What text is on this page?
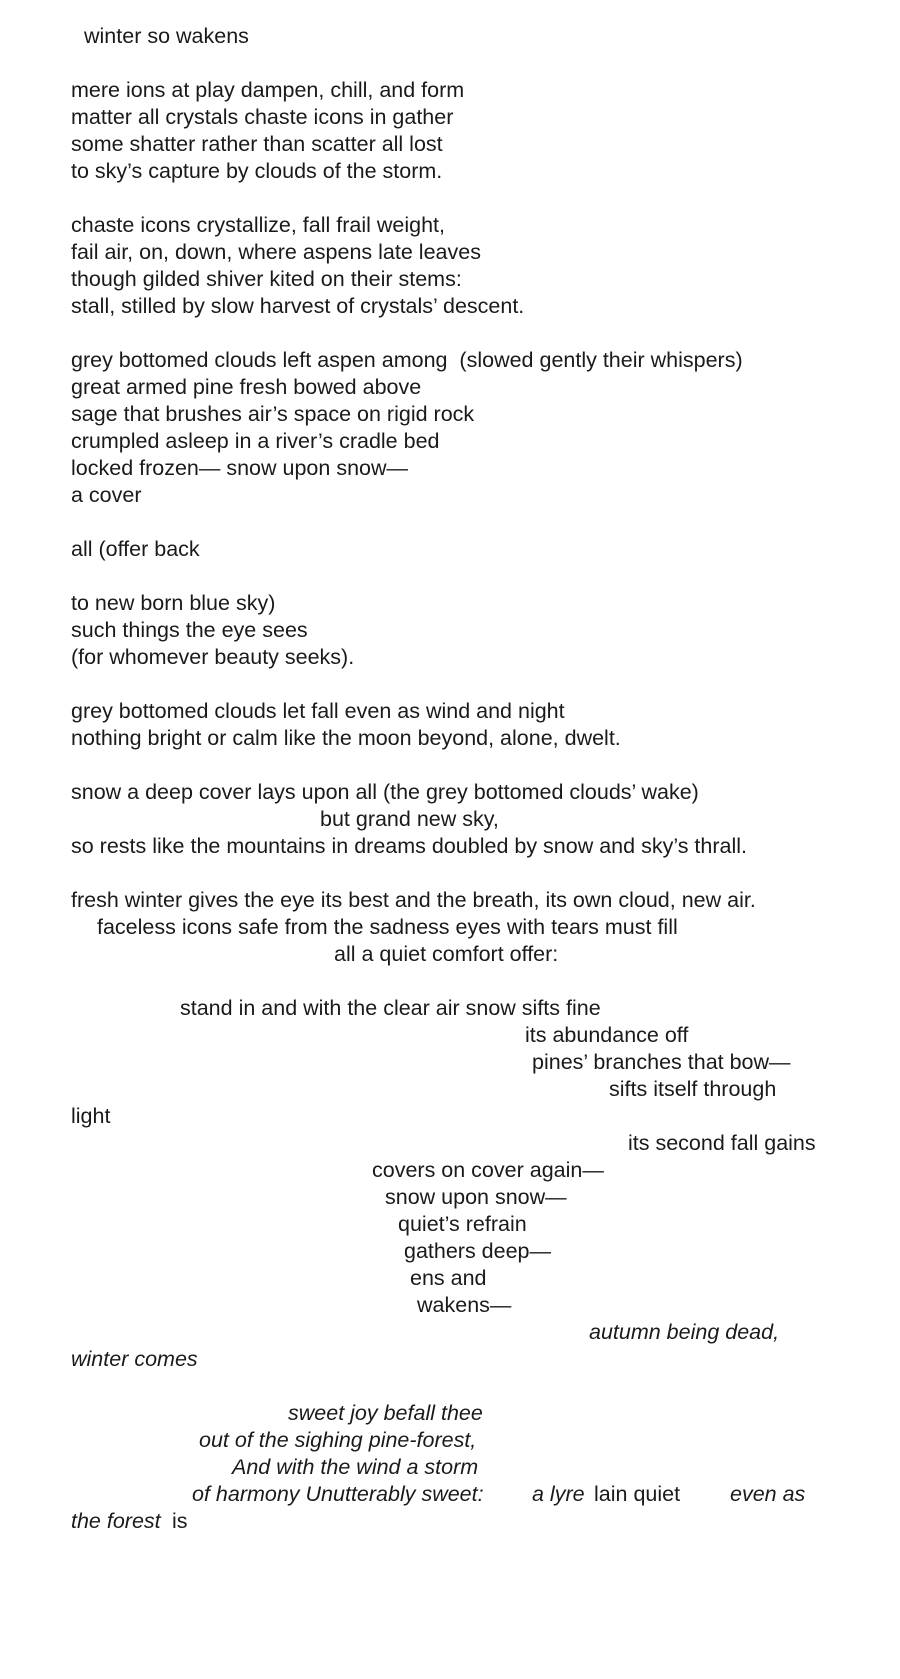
winter so wakens
mere ions at play dampen, chill, and form
matter all crystals chaste icons in gather
some shatter rather than scatter all lost
to sky’s capture by clouds of the storm.
chaste icons crystallize, fall frail weight,
fail air, on, down, where aspens late leaves
though gilded shiver kited on their stems:
stall, stilled by slow harvest of crystals’ descent.
grey bottomed clouds left aspen among  (slowed gently their whispers)
great armed pine fresh bowed above
sage that brushes air’s space on rigid rock
crumpled asleep in a river’s cradle bed
locked frozen— snow upon snow—
a cover
all (offer back
to new born blue sky)
such things the eye sees
(for whomever beauty seeks).
grey bottomed clouds let fall even as wind and night
nothing bright or calm like the moon beyond, alone, dwelt.
snow a deep cover lays upon all (the grey bottomed clouds’ wake)
but grand new sky,
so rests like the mountains in dreams doubled by snow and sky’s thrall.
fresh winter gives the eye its best and the breath, its own cloud, new air.
faceless icons safe from the sadness eyes with tears must fill
all a quiet comfort offer:
stand in and with the clear air snow sifts fine
its abundance off
pines’ branches that bow—
sifts itself through
light
its second fall gains
covers on cover again—
snow upon snow—
quiet’s refrain
gathers deep—
ens and
wakens—
autumn being dead,
winter comes
sweet joy befall thee
out of the sighing pine-forest,
And with the wind a storm
of harmony Unutterably sweet: a lyre lain quiet even as
the forest is
